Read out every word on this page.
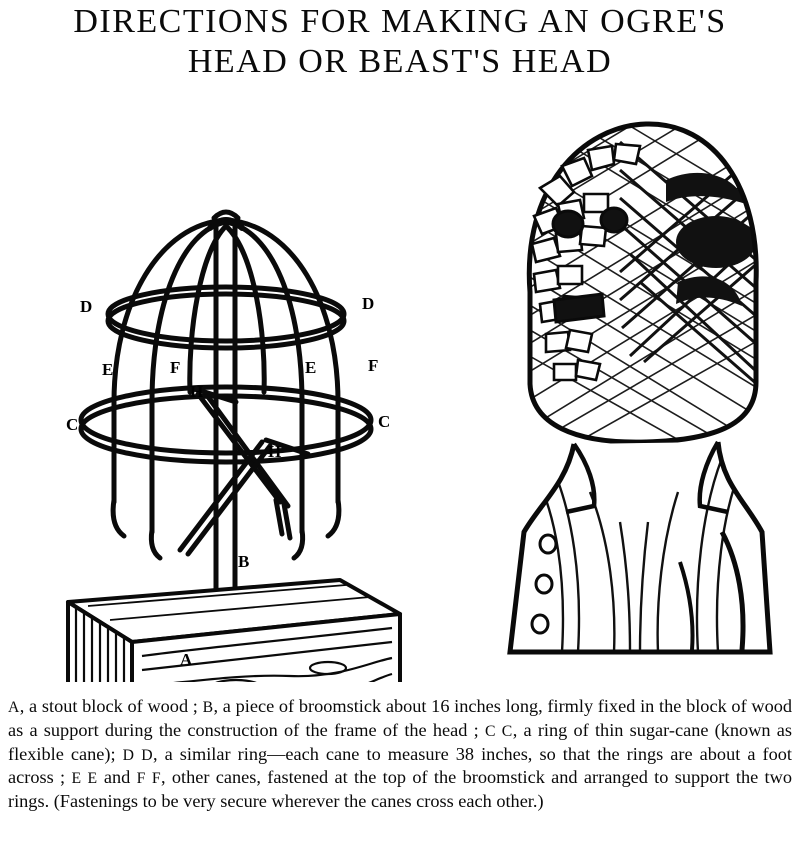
DIRECTIONS FOR MAKING AN OGRE'S
HEAD OR BEAST'S HEAD
D	D
E	F
H
E	F
C	C
H
B
A

A, a stout block of wood ; B, a piece of broomstick about 16 inches long, firmly fixed in the block of wood as a support during the construction of the frame of the head ; C C, a ring of thin sugar-cane (known as flexible cane); D D, a similar ring—each cane to measure 38 inches, so that the rings are about a foot across ; E E and F F, other canes, fastened at the top of the broomstick and arranged to support the two rings. (Fastenings to be very secure wherever the canes cross each other.)
